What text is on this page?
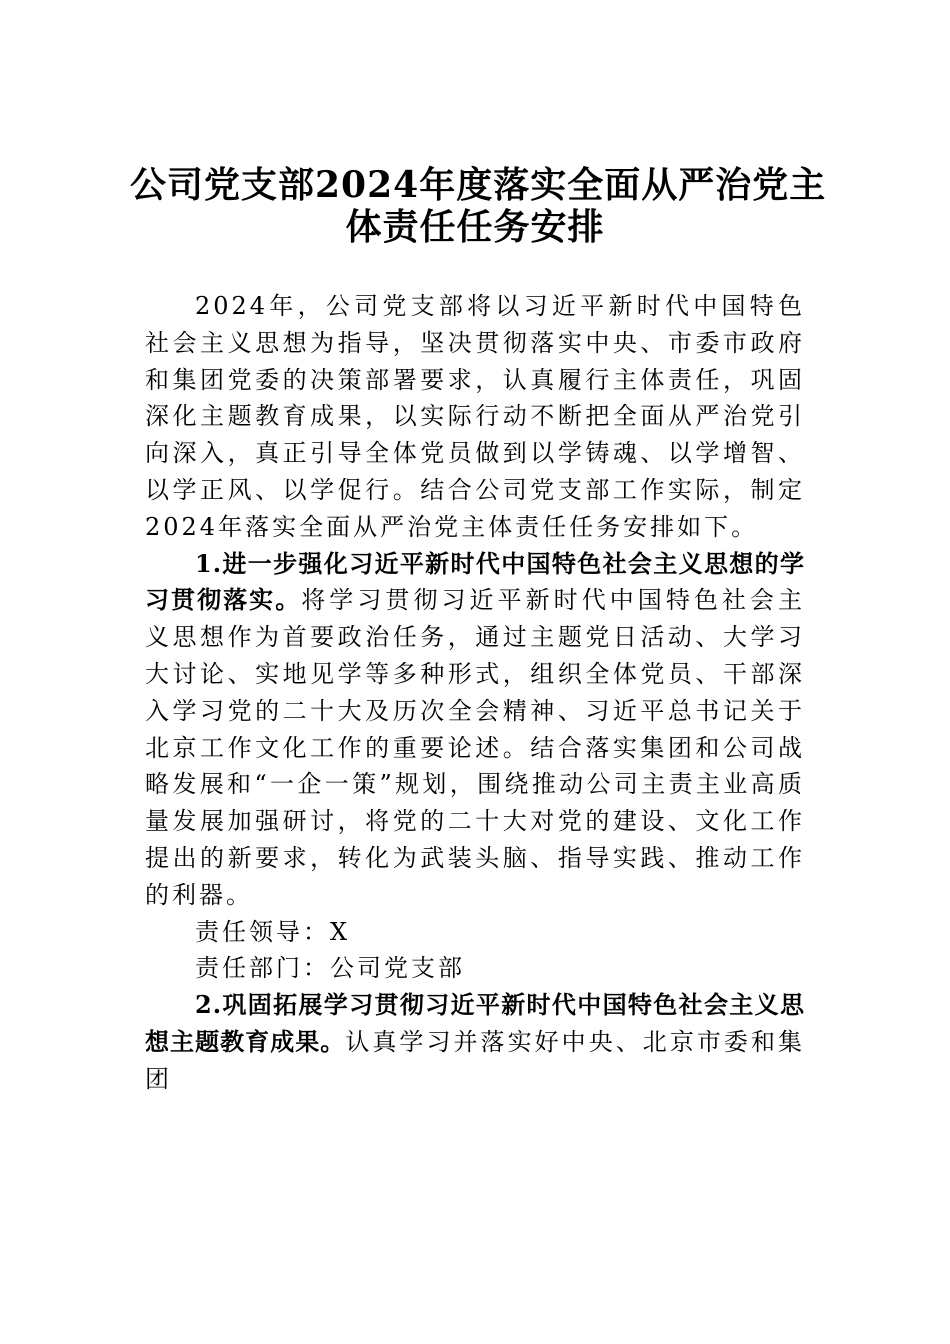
公司党支部2024年度落实全面从严治党主
体责任任务安排

2024年，公司党支部将以习近平新时代中国特色社会主义思想为指导，坚决贯彻落实中央、市委市政府和集团党委的决策部署要求，认真履行主体责任，巩固深化主题教育成果，以实际行动不断把全面从严治党引向深入，真正引导全体党员做到以学铸魂、以学增智、以学正风、以学促行。结合公司党支部工作实际，制定2024年落实全面从严治党主体责任任务安排如下。

1.进一步强化习近平新时代中国特色社会主义思想的学习贯彻落实。将学习贯彻习近平新时代中国特色社会主义思想作为首要政治任务，通过主题党日活动、大学习大讨论、实地见学等多种形式，组织全体党员、干部深入学习党的二十大及历次全会精神、习近平总书记关于北京工作文化工作的重要论述。结合落实集团和公司战略发展和“一企一策”规划，围绕推动公司主责主业高质量发展加强研讨，将党的二十大对党的建设、文化工作提出的新要求，转化为武装头脑、指导实践、推动工作的利器。

责任领导：X

责任部门：公司党支部

2.巩固拓展学习贯彻习近平新时代中国特色社会主义思想主题教育成果。认真学习并落实好中央、北京市委和集团
